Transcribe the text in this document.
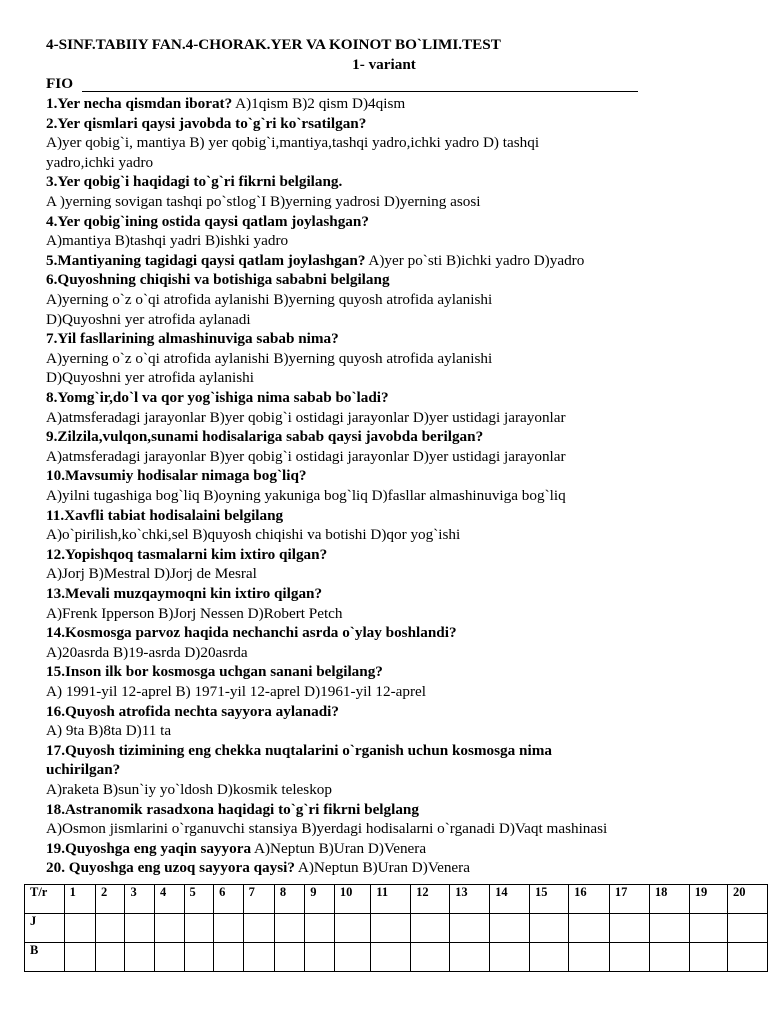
4-SINF.TABIIY FAN.4-CHORAK.YER VA KOINOT BO`LIMI.TEST
1- variant
FIO
1.Yer necha qismdan iborat? A)1qism B)2 qism D)4qism
2.Yer qismlari qaysi javobda to`g`ri ko`rsatilgan?
A)yer qobig`i, mantiya B) yer qobig`i,mantiya,tashqi yadro,ichki yadro D) tashqi
yadro,ichki yadro
3.Yer qobig`i haqidagi to`g`ri fikrni belgilang.
A )yerning sovigan tashqi po`stlog`I B)yerning yadrosi D)yerning asosi
4.Yer qobig`ining ostida qaysi qatlam joylashgan?
A)mantiya B)tashqi yadri B)ishki yadro
5.Mantiyaning tagidagi qaysi qatlam joylashgan? A)yer po`sti B)ichki yadro D)yadro
6.Quyoshning chiqishi va botishiga sababni belgilang
A)yerning o`z o`qi atrofida aylanishi B)yerning quyosh atrofida aylanishi
D)Quyoshni yer atrofida aylanadi
7.Yil fasllarining almashinuviga sabab nima?
A)yerning o`z o`qi atrofida aylanishi B)yerning quyosh atrofida aylanishi
D)Quyoshni yer atrofida aylanishi
8.Yomg`ir,do`l va qor yog`ishiga nima sabab bo`ladi?
A)atmsferadagi jarayonlar B)yer qobig`i ostidagi jarayonlar D)yer ustidagi jarayonlar
9.Zilzila,vulqon,sunami hodisalariga sabab qaysi javobda berilgan?
A)atmsferadagi jarayonlar B)yer qobig`i ostidagi jarayonlar D)yer ustidagi jarayonlar
10.Mavsumiy hodisalar nimaga bog`liq?
A)yilni tugashiga bog`liq B)oyning yakuniga bog`liq D)fasllar almashinuviga bog`liq
11.Xavfli tabiat hodisalaini belgilang
A)o`pirilish,ko`chki,sel B)quyosh chiqishi va botishi D)qor yog`ishi
12.Yopishqoq tasmalarni kim ixtiro qilgan?
A)Jorj B)Mestral D)Jorj de Mesral
13.Mevali muzqaymoqni kin ixtiro qilgan?
A)Frenk Ipperson B)Jorj Nessen D)Robert Petch
14.Kosmosga parvoz haqida nechanchi asrda o`ylay boshlandi?
A)20asrda B)19-asrda D)20asrda
15.Inson ilk bor kosmosga uchgan sanani belgilang?
A) 1991-yil 12-aprel B) 1971-yil 12-aprel D)1961-yil 12-aprel
16.Quyosh atrofida nechta sayyora aylanadi?
A) 9ta B)8ta D)11 ta
17.Quyosh tizimining eng chekka nuqtalarini o`rganish uchun kosmosga nima
uchirilgan?
A)raketa B)sun`iy yo`ldosh D)kosmik teleskop
18.Astranomik rasadxona haqidagi to`g`ri fikrni belglang
A)Osmon jismlarini o`rganuvchi stansiya B)yerdagi hodisalarni o`rganadi D)Vaqt mashinasi
19.Quyoshga eng yaqin sayyora A)Neptun B)Uran D)Venera
20. Quyoshga eng uzoq sayyora qaysi? A)Neptun B)Uran D)Venera
T/r	1	2	3	4	5	6	7	8	9	10	11	12	13	14	15	16	17	18	19	20
J																				
B																				
